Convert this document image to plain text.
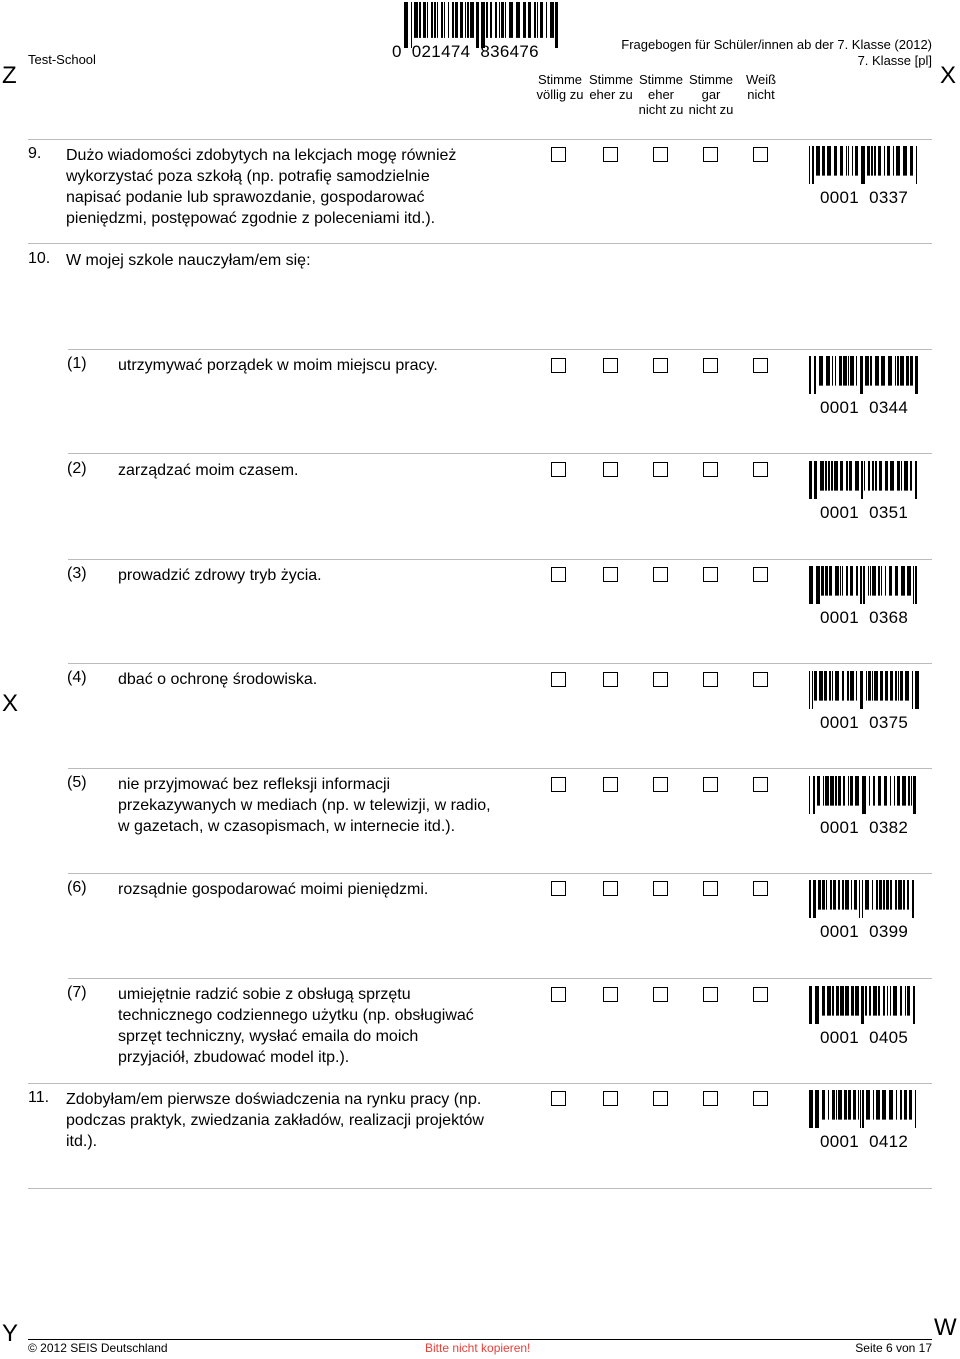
Z	X
X
Y	W
Test-School	0  021474  836476	Fragebogen für Schüler/innen ab der 7. Klasse (2012)
7. Klasse [pl]
Stimme
völlig zu
Stimme
eher zu
Stimme
eher
nicht zu
Stimme
gar
nicht zu
Weiß
nicht
9. Dużo wiadomości zdobytych na lekcjach mogę również
wykorzystać poza szkołą (np. potrafię samodzielnie
napisać podanie lub sprawozdanie, gospodarować
pieniędzmi, postępować zgodnie z poleceniami itd.).
0001  0337
10. W mojej szkole nauczyłam/em się:
(1) utrzymywać porządek w moim miejscu pracy.
0001  0344
(2) zarządzać moim czasem.
0001  0351
(3) prowadzić zdrowy tryb życia.
0001  0368
(4) dbać o ochronę środowiska.
0001  0375
(5) nie przyjmować bez refleksji informacji
przekazywanych w mediach (np. w telewizji, w radio,
w gazetach, w czasopismach, w internecie itd.).	0001  0382
(6) rozsądnie gospodarować moimi pieniędzmi.
0001  0399
(7) umiejętnie radzić sobie z obsługą sprzętu
technicznego codziennego użytku (np. obsługiwać
sprzęt techniczny, wysłać emaila do moich
przyjaciół, zbudować model itp.).
0001  0405
11. Zdobyłam/em pierwsze doświadczenia na rynku pracy (np.
podczas praktyk, zwiedzania zakładów, realizacji projektów
itd.).	0001  0412
© 2012 SEIS Deutschland	Bitte nicht kopieren!	Seite 6 von 17
